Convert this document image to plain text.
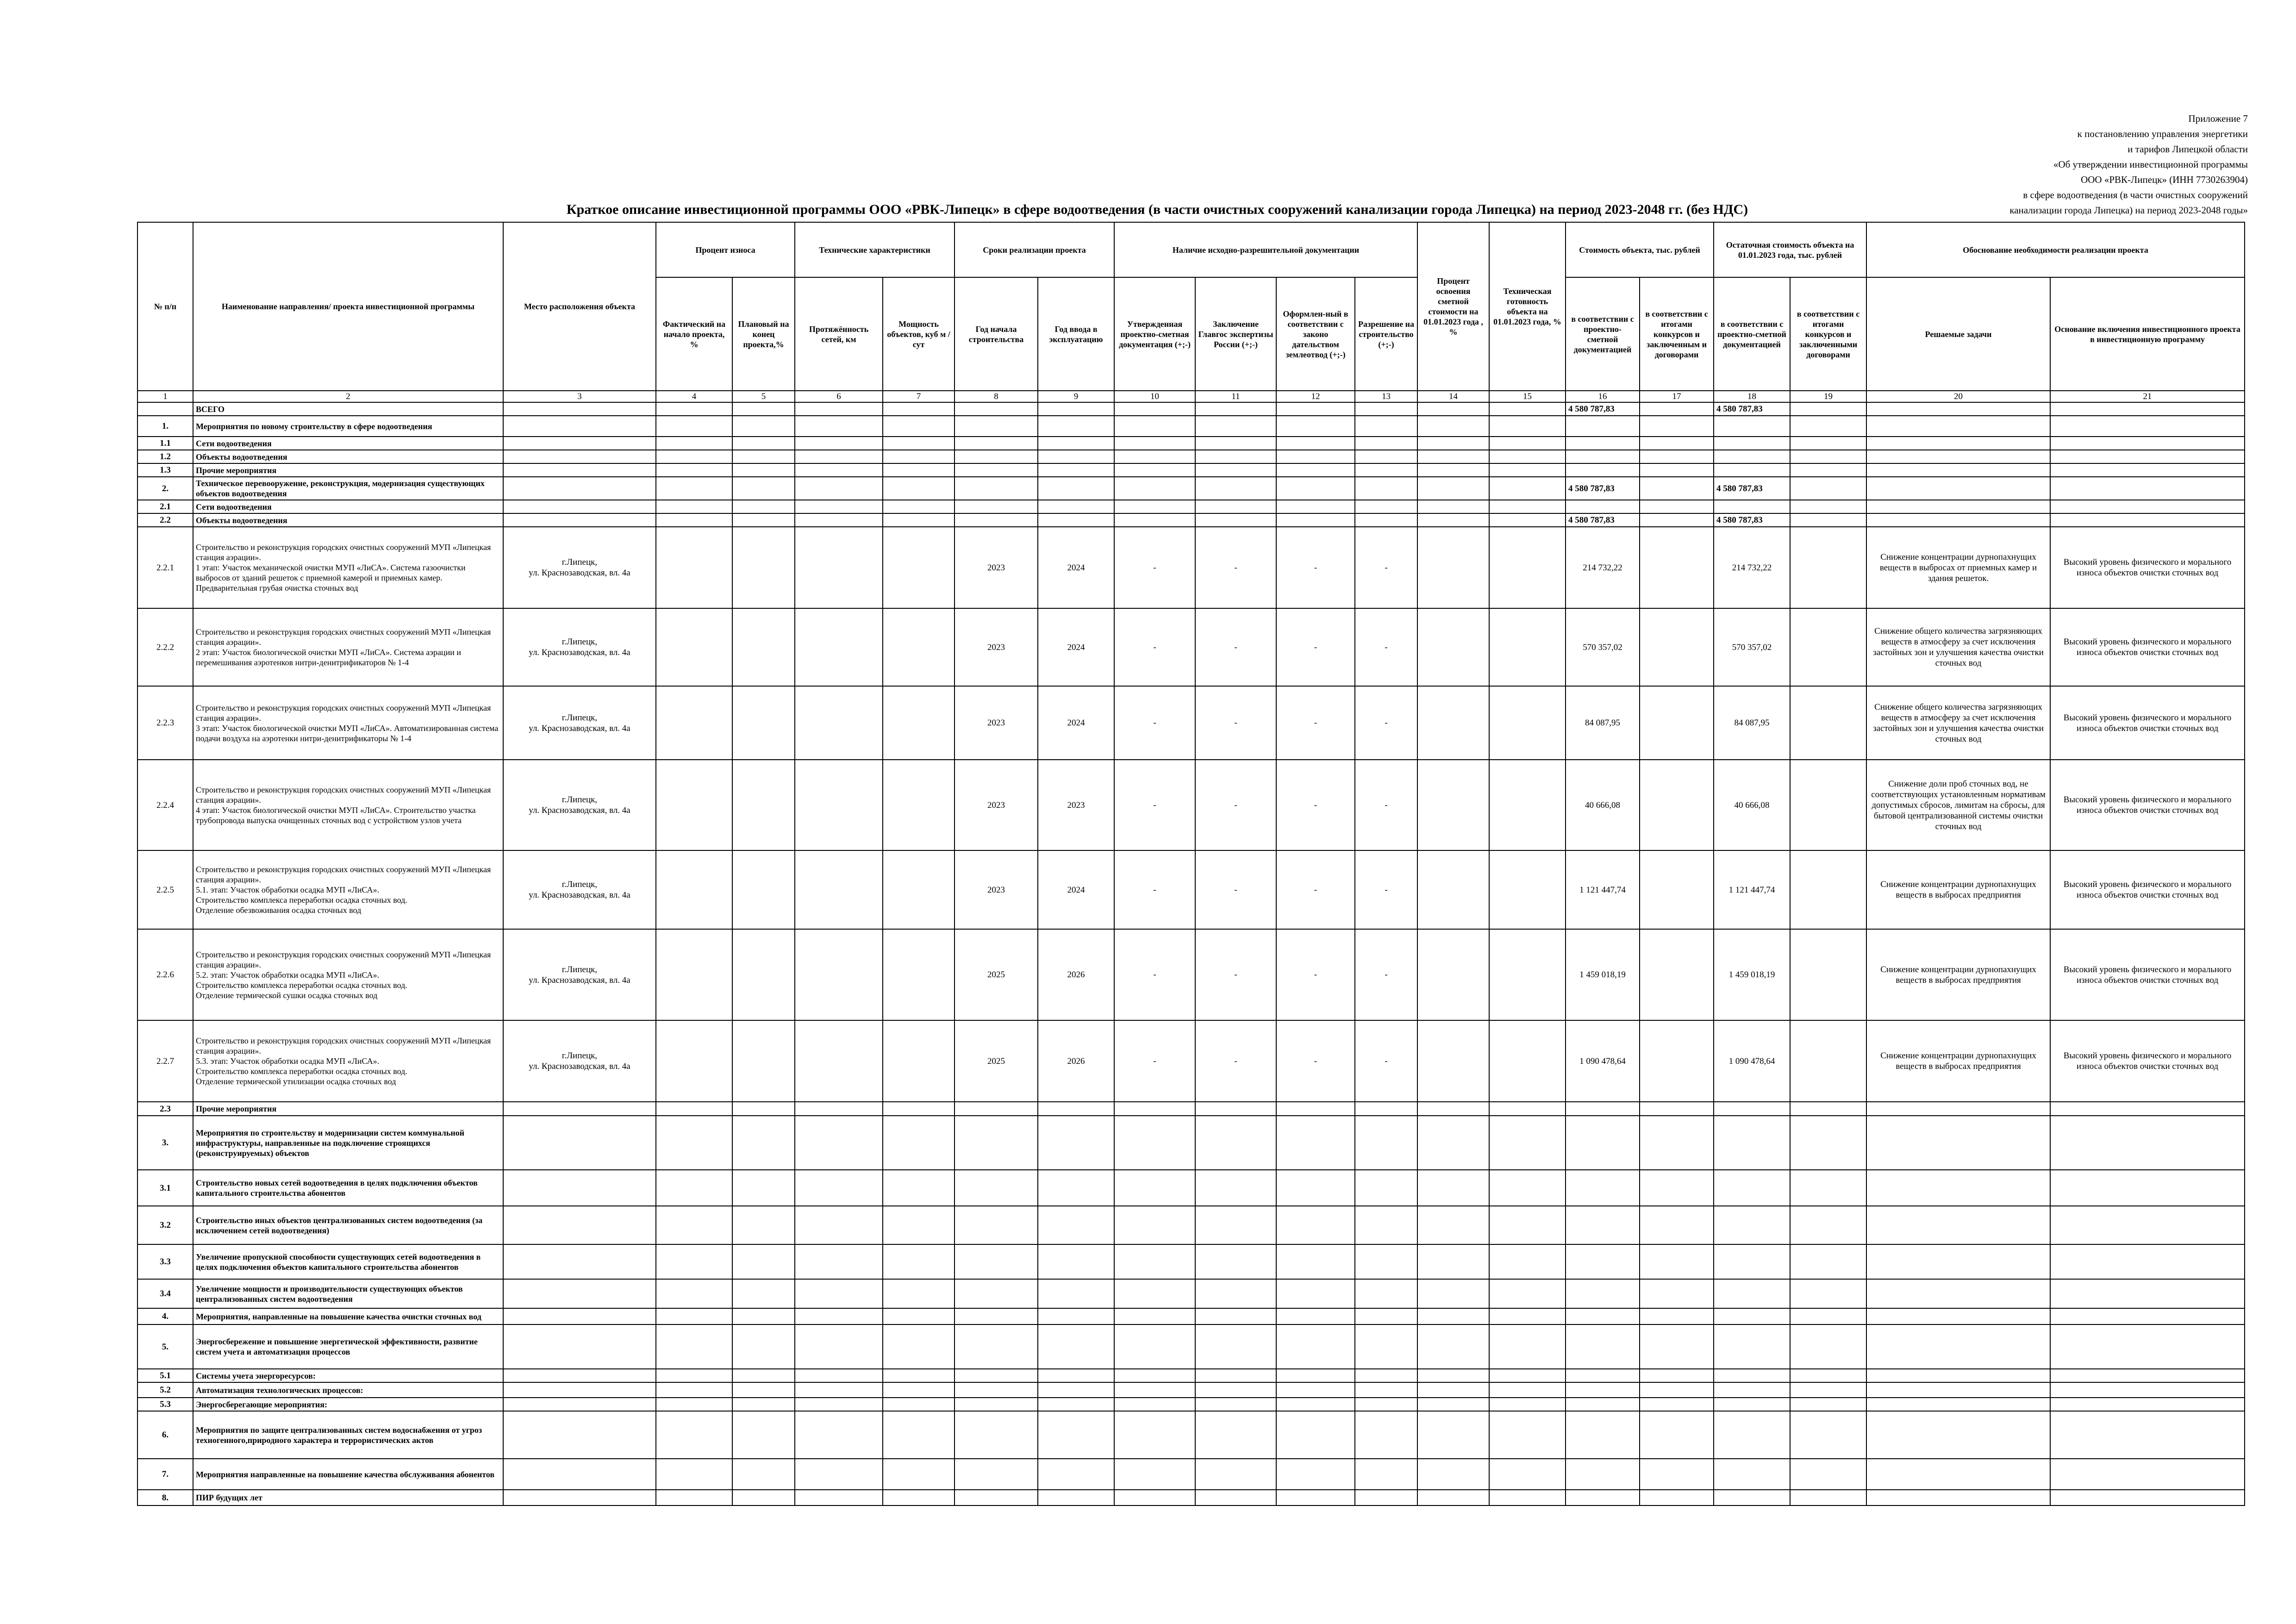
Приложение 7
к постановлению управления энергетики
и тарифов Липецкой области
«Об утверждении инвестиционной программы
ООО «РВК-Липецк» (ИНН 7730263904)
в сфере водоотведения (в части очистных сооружений
канализации города Липецка) на период 2023-2048 годы»
Краткое описание инвестиционной программы ООО «РВК-Липецк» в сфере водоотведения (в части очистных сооружений канализации города Липецка) на период 2023-2048 гг. (без НДС)
№ п/п	Наименование направления/ проекта инвестиционной программы	Место расположения объекта	Процент износа		Технические характеристики		Сроки реализации проекта		Наличие исходно-разрешительной документации				Процент освоения сметной стоимости на 01.01.2023 года , %	Техническая готовность объекта на 01.01.2023 года, %	Стоимость объекта, тыс. рублей		Остаточная стоимость объекта на 01.01.2023 года, тыс. рублей		Обоснование необходимости реализации проекта	
			Фактический на начало проекта, %	Плановый на конец проекта,%	Протяжённость сетей, км	Мощность объектов, куб м /сут	Год начала строительства	Год ввода в эксплуатацию	Утвержденная проектно-сметная документация (+;-)	Заключение Главгос экспертизы России (+;-)	Оформлен-ный в соответствии с законо дательством землеотвод (+;-)	Разрешение на строительство (+;-)			в соответствии с проектно-сметной документацией	в соответствии с итогами конкурсов и заключенным и договорами	в соответствии с проектно-сметной документацией	в соответствии с итогами конкурсов и заключенными договорами	Решаемые задачи	Основание включения инвестиционного проекта в инвестиционную программу
1	2	3	4	5	6	7	8	9	10	11	12	13	14	15	16	17	18	19	20	21
	ВСЕГО														4 580 787,83		4 580 787,83			
1.	Мероприятия по новому строительству в сфере водоотведения																			
1.1	Сети водоотведения																			
1.2	Объекты водоотведения																			
1.3	Прочие мероприятия																			
2.	Техническое перевооружение, реконструкция, модернизация существующих объектов водоотведения														4 580 787,83		4 580 787,83			
2.1	Сети водоотведения																			
2.2	Объекты водоотведения														4 580 787,83		4 580 787,83			
2.2.1	Строительство и реконструкция городских очистных сооружений МУП «Липецкая станция аэрации».
1 этап: Участок механической очистки МУП «ЛиСА». Система газоочистки выбросов от зданий решеток с приемной камерой и приемных камер.
Предварительная грубая очистка сточных вод	г.Липецк,
ул. Краснозаводская, вл. 4а					2023	2024	-	-	-	-			214 732,22		214 732,22		Снижение концентрации дурнопахнущих веществ в выбросах от приемных камер и здания решеток.	Высокий уровень физического и морального износа объектов очистки сточных вод
2.2.2	Строительство и реконструкция городских очистных сооружений МУП «Липецкая станция аэрации».
2 этап: Участок биологической очистки МУП «ЛиСА». Система аэрации и перемешивания аэротенков нитри-денитрификаторов № 1-4	г.Липецк,
ул. Краснозаводская, вл. 4а					2023	2024	-	-	-	-			570 357,02		570 357,02		Снижение общего количества загрязняющих веществ в атмосферу за счет исключения застойных зон и улучшения качества очистки сточных вод	Высокий уровень физического и морального износа объектов очистки сточных вод
2.2.3	Строительство и реконструкция городских очистных сооружений МУП «Липецкая станция аэрации».
3 этап: Участок биологической очистки МУП «ЛиСА». Автоматизированная система подачи воздуха на аэротенки нитри-денитрификаторы № 1-4	г.Липецк,
ул. Краснозаводская, вл. 4а					2023	2024	-	-	-	-			84 087,95		84 087,95		Снижение общего количества загрязняющих веществ в атмосферу за счет исключения застойных зон и улучшения качества очистки сточных вод	Высокий уровень физического и морального износа объектов очистки сточных вод
2.2.4	Строительство и реконструкция городских очистных сооружений МУП «Липецкая станция аэрации».
4 этап: Участок биологической очистки МУП «ЛиСА». Строительство участка трубопровода выпуска очищенных сточных вод с устройством узлов учета	г.Липецк,
ул. Краснозаводская, вл. 4а					2023	2023	-	-	-	-			40 666,08		40 666,08		Снижение доли проб сточных вод, не соответствующих установленным нормативам допустимых сбросов, лимитам на сбросы, для бытовой централизованной системы очистки сточных вод	Высокий уровень физического и морального износа объектов очистки сточных вод
2.2.5	Строительство и реконструкция городских очистных сооружений МУП «Липецкая станция аэрации».
5.1. этап: Участок обработки осадка МУП «ЛиСА».
Строительство комплекса переработки осадка сточных вод.
Отделение обезвоживания осадка сточных вод	г.Липецк,
ул. Краснозаводская, вл. 4а					2023	2024	-	-	-	-			1 121 447,74		1 121 447,74		Снижение концентрации дурнопахнущих веществ в выбросах предприятия	Высокий уровень физического и морального износа объектов очистки сточных вод
2.2.6	Строительство и реконструкция городских очистных сооружений МУП «Липецкая станция аэрации».
5.2. этап: Участок обработки осадка МУП «ЛиСА».
Строительство комплекса переработки осадка сточных вод.
Отделение термической сушки осадка сточных вод	г.Липецк,
ул. Краснозаводская, вл. 4а					2025	2026	-	-	-	-			1 459 018,19		1 459 018,19		Снижение концентрации дурнопахнущих веществ в выбросах предприятия	Высокий уровень физического и морального износа объектов очистки сточных вод
2.2.7	Строительство и реконструкция городских очистных сооружений МУП «Липецкая станция аэрации».
5.3. этап: Участок обработки осадка МУП «ЛиСА».
Строительство комплекса переработки осадка сточных вод.
Отделение термической утилизации осадка сточных вод	г.Липецк,
ул. Краснозаводская, вл. 4а					2025	2026	-	-	-	-			1 090 478,64		1 090 478,64		Снижение концентрации дурнопахнущих веществ в выбросах предприятия	Высокий уровень физического и морального износа объектов очистки сточных вод
2.3	Прочие мероприятия																			
3.	Мероприятия по строительству и модернизации систем коммунальной инфраструктуры, направленные на подключение строящихся (реконструируемых) объектов																			
3.1	Строительство новых сетей водоотведения в целях подключения объектов капитального строительства абонентов																			
3.2	Строительство иных объектов централизованных систем водоотведения (за исключением сетей водоотведения)																			
3.3	Увеличение пропускной способности существующих сетей водоотведения в целях подключения объектов капитального строительства абонентов																			
3.4	Увеличение мощности и производительности существующих объектов централизованных систем водоотведения																			
4.	Мероприятия, направленные на повышение качества очистки сточных вод																			
5.	Энергосбережение и повышение энергетической эффективности, развитие систем учета и автоматизация процессов																			
5.1	Системы учета энергоресурсов:																			
5.2	Автоматизация технологических процессов:																			
5.3	Энергосберегающие мероприятия:																			
6.	Мероприятия по защите централизованных систем водоснабжения от угроз техногенного,природного характера и террористических актов																			
7.	Мероприятия направленные на повышение качества обслуживания абонентов																			
8.	ПИР будущих лет																			
